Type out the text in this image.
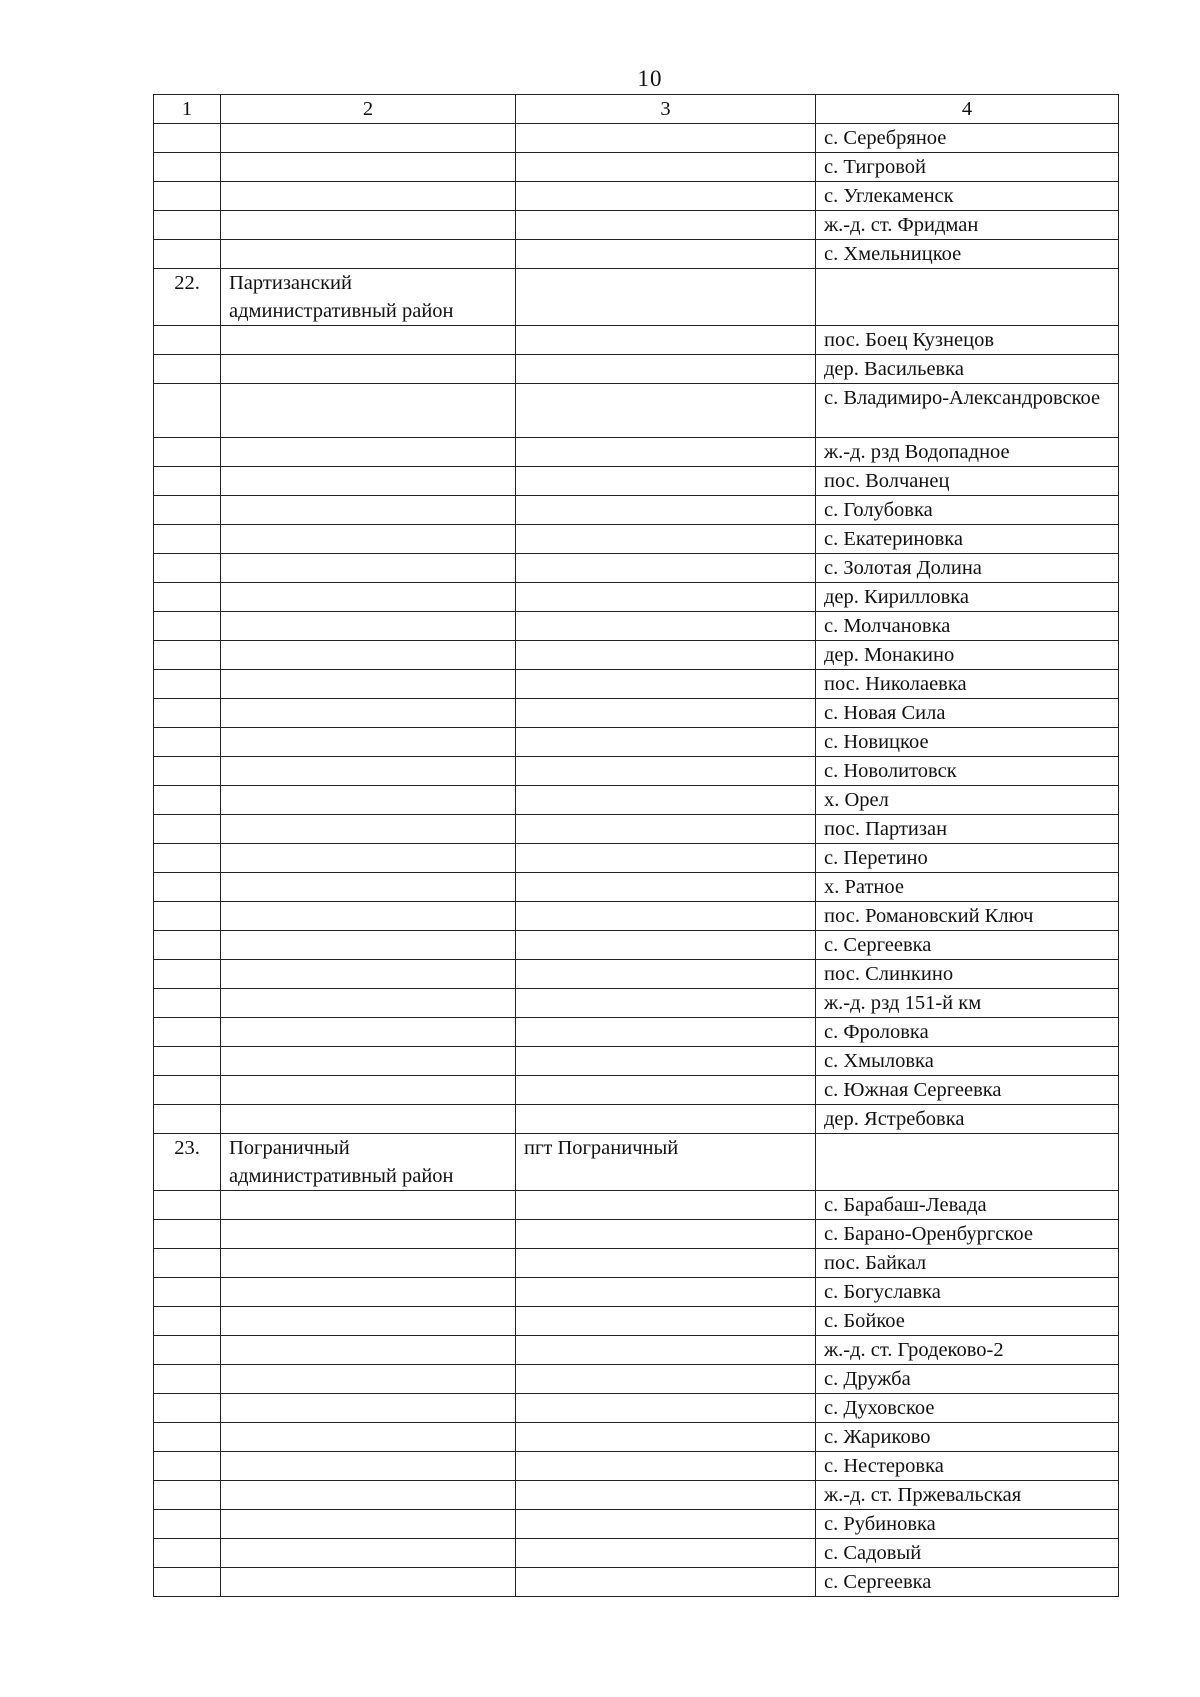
10
1	2	3	4
			с. Серебряное
			с. Тигровой
			с. Углекаменск
			ж.-д. ст. Фридман
			с. Хмельницкое
22.	Партизанский административный район		
			пос. Боец Кузнецов
			дер. Васильевка
			с. Владимиро-Александровское
			ж.-д. рзд Водопадное
			пос. Волчанец
			с. Голубовка
			с. Екатериновка
			с. Золотая Долина
			дер. Кирилловка
			с. Молчановка
			дер. Монакино
			пос. Николаевка
			с. Новая Сила
			с. Новицкое
			с. Новолитовск
			х. Орел
			пос. Партизан
			с. Перетино
			х. Ратное
			пос. Романовский Ключ
			с. Сергеевка
			пос. Слинкино
			ж.-д. рзд 151-й км
			с. Фроловка
			с. Хмыловка
			с. Южная Сергеевка
			дер. Ястребовка
23.	Пограничный административный район	пгт Пограничный	
			с. Барабаш-Левада
			с. Барано-Оренбургское
			пос. Байкал
			с. Богуславка
			с. Бойкое
			ж.-д. ст. Гродеково-2
			с. Дружба
			с. Духовское
			с. Жариково
			с. Нестеровка
			ж.-д. ст. Пржевальская
			с. Рубиновка
			с. Садовый
			с. Сергеевка
